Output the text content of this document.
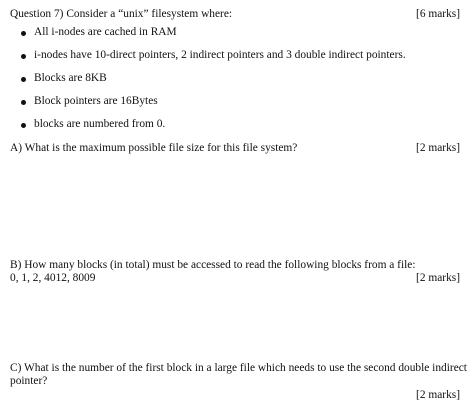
Question 7) Consider a “unix” filesystem where:	[6 marks]
All i-nodes are cached in RAM
i-nodes have 10-direct pointers, 2 indirect pointers and 3 double indirect pointers.
Blocks are 8KB
Block pointers are 16Bytes
blocks are numbered from 0.
A) What is the maximum possible file size for this file system?	[2 marks]
B) How many blocks (in total) must be accessed to read the following blocks from a file:
0, 1, 2, 4012, 8009	[2 marks]
C) What is the number of the first block in a large file which needs to use the second double indirect
pointer?
[2 marks]
